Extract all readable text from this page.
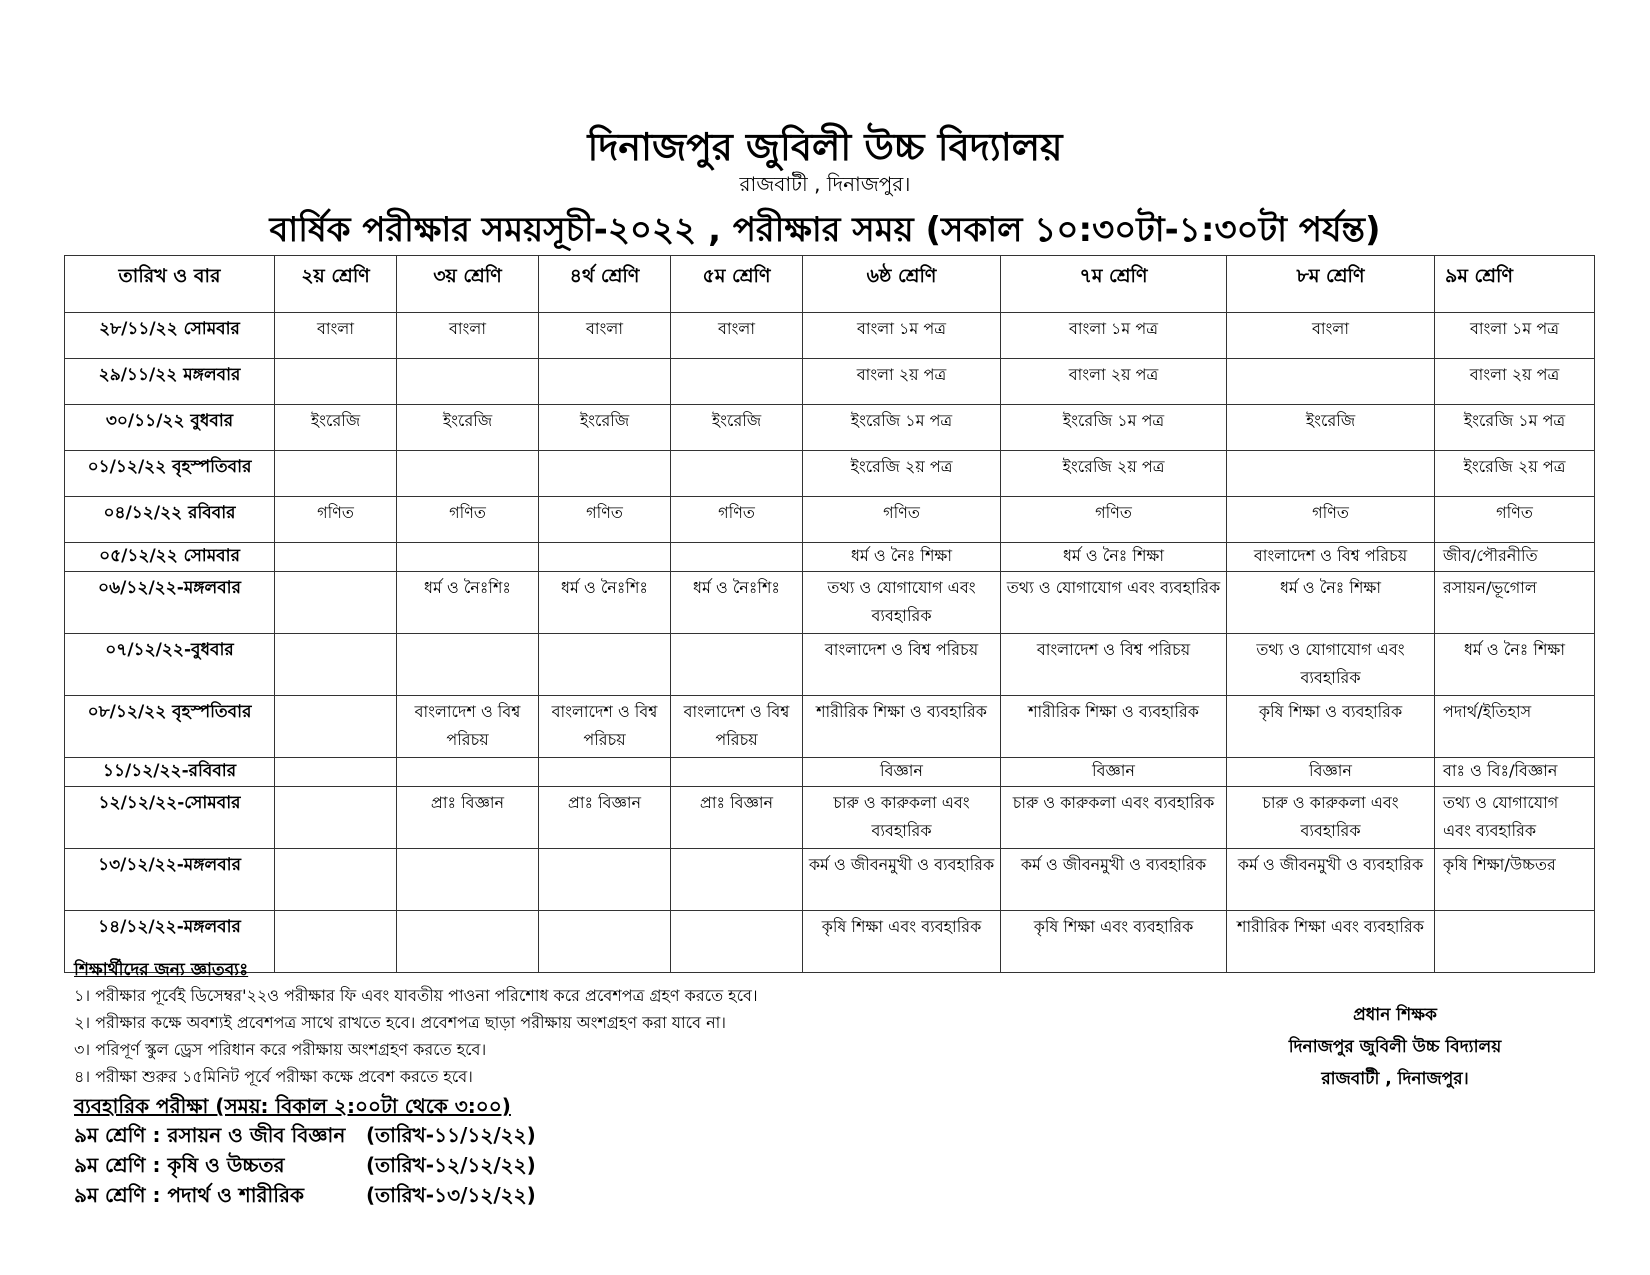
দিনাজপুর জুবিলী উচ্চ বিদ্যালয়
রাজবাটী , দিনাজপুর।
বার্ষিক পরীক্ষার সময়সূচী-২০২২ , পরীক্ষার সময় (সকাল ১০:৩০টা-১:৩০টা পর্যন্ত)
তারিখ ও বার	২য় শ্রেণি	৩য় শ্রেণি	৪র্থ শ্রেণি	৫ম শ্রেণি	৬ষ্ঠ শ্রেণি	৭ম শ্রেণি	৮ম শ্রেণি	৯ম শ্রেণি
২৮/১১/২২ সোমবার	বাংলা	বাংলা	বাংলা	বাংলা	বাংলা ১ম পত্র	বাংলা ১ম পত্র	বাংলা	বাংলা ১ম পত্র
২৯/১১/২২ মঙ্গলবার					বাংলা ২য় পত্র	বাংলা ২য় পত্র		বাংলা ২য় পত্র
৩০/১১/২২ বুধবার	ইংরেজি	ইংরেজি	ইংরেজি	ইংরেজি	ইংরেজি ১ম পত্র	ইংরেজি ১ম পত্র	ইংরেজি	ইংরেজি ১ম পত্র
০১/১২/২২ বৃহস্পতিবার					ইংরেজি ২য় পত্র	ইংরেজি ২য় পত্র		ইংরেজি ২য় পত্র
০৪/১২/২২ রবিবার	গণিত	গণিত	গণিত	গণিত	গণিত	গণিত	গণিত	গণিত
০৫/১২/২২ সোমবার					ধর্ম ও নৈঃ শিক্ষা	ধর্ম ও নৈঃ শিক্ষা	বাংলাদেশ ও বিশ্ব পরিচয়	জীব/পৌরনীতি
০৬/১২/২২-মঙ্গলবার		ধর্ম ও নৈঃশিঃ	ধর্ম ও নৈঃশিঃ	ধর্ম ও নৈঃশিঃ	তথ্য ও যোগাযোগ এবং ব্যবহারিক	তথ্য ও যোগাযোগ এবং ব্যবহারিক	ধর্ম ও নৈঃ শিক্ষা	রসায়ন/ভূগোল
০৭/১২/২২-বুধবার					বাংলাদেশ ও বিশ্ব পরিচয়	বাংলাদেশ ও বিশ্ব পরিচয়	তথ্য ও যোগাযোগ এবং ব্যবহারিক	ধর্ম ও নৈঃ শিক্ষা
০৮/১২/২২ বৃহস্পতিবার		বাংলাদেশ ও বিশ্ব পরিচয়	বাংলাদেশ ও বিশ্ব পরিচয়	বাংলাদেশ ও বিশ্ব পরিচয়	শারীরিক শিক্ষা ও ব্যবহারিক	শারীরিক শিক্ষা ও ব্যবহারিক	কৃষি শিক্ষা ও ব্যবহারিক	পদার্থ/ইতিহাস
১১/১২/২২-রবিবার					বিজ্ঞান	বিজ্ঞান	বিজ্ঞান	বাঃ ও বিঃ/বিজ্ঞান
১২/১২/২২-সোমবার		প্রাঃ বিজ্ঞান	প্রাঃ বিজ্ঞান	প্রাঃ বিজ্ঞান	চারু ও কারুকলা এবং ব্যবহারিক	চারু ও কারুকলা এবং ব্যবহারিক	চারু ও কারুকলা এবং ব্যবহারিক	তথ্য ও যোগাযোগ এবং ব্যবহারিক
১৩/১২/২২-মঙ্গলবার					কর্ম ও জীবনমুখী ও ব্যবহারিক	কর্ম ও জীবনমুখী ও ব্যবহারিক	কর্ম ও জীবনমুখী ও ব্যবহারিক	কৃষি শিক্ষা/উচ্চতর
১৪/১২/২২-মঙ্গলবার					কৃষি শিক্ষা এবং ব্যবহারিক	কৃষি শিক্ষা এবং ব্যবহারিক	শারীরিক শিক্ষা এবং ব্যবহারিক	
শিক্ষার্থীদের জন্য জ্ঞাতব্যঃ
১। পরীক্ষার পূর্বেই ডিসেম্বর'২২ও পরীক্ষার ফি এবং যাবতীয় পাওনা পরিশোধ করে প্রবেশপত্র গ্রহণ করতে হবে।
২। পরীক্ষার কক্ষে অবশ্যই প্রবেশপত্র সাথে রাখতে হবে। প্রবেশপত্র ছাড়া পরীক্ষায় অংশগ্রহণ করা যাবে না।
৩। পরিপূর্ণ স্কুল ড্রেস পরিধান করে পরীক্ষায় অংশগ্রহণ করতে হবে।
৪। পরীক্ষা শুরুর ১৫মিনিট পূর্বে পরীক্ষা কক্ষে প্রবেশ করতে হবে।
ব্যবহারিক পরীক্ষা (সময়: বিকাল ২:০০টা থেকে ৩:০০)
৯ম শ্রেণি : রসায়ন ও জীব বিজ্ঞান (তারিখ-১১/১২/২২)
৯ম শ্রেণি : কৃষি ও উচ্চতর	(তারিখ-১২/১২/২২)
৯ম শ্রেণি : পদার্থ ও শারীরিক	(তারিখ-১৩/১২/২২)
প্রধান শিক্ষক
দিনাজপুর জুবিলী উচ্চ বিদ্যালয়
রাজবাটী , দিনাজপুর।
